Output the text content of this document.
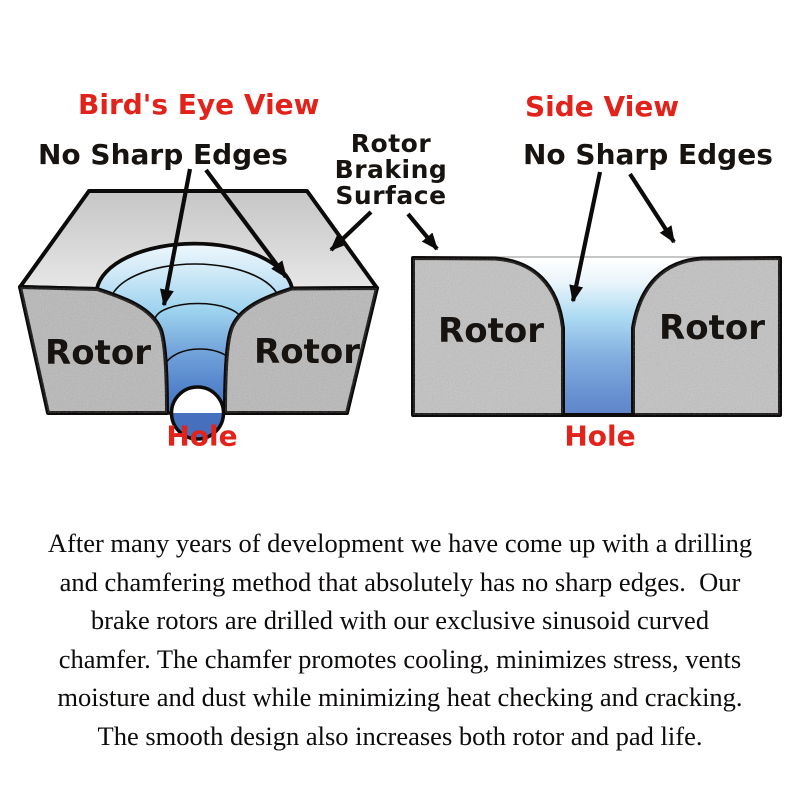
Bird's Eye View
No Sharp Edges	Rotor
Braking
Surface
Side View
No Sharp Edges
Rotor	Rotor
Rotor	Rotor
Hole	Hole
After many years of development we have come up with a drilling
and chamfering method that absolutely has no sharp edges.  Our
brake rotors are drilled with our exclusive sinusoid curved
chamfer. The chamfer promotes cooling, minimizes stress, vents
moisture and dust while minimizing heat checking and cracking.
The smooth design also increases both rotor and pad life.
